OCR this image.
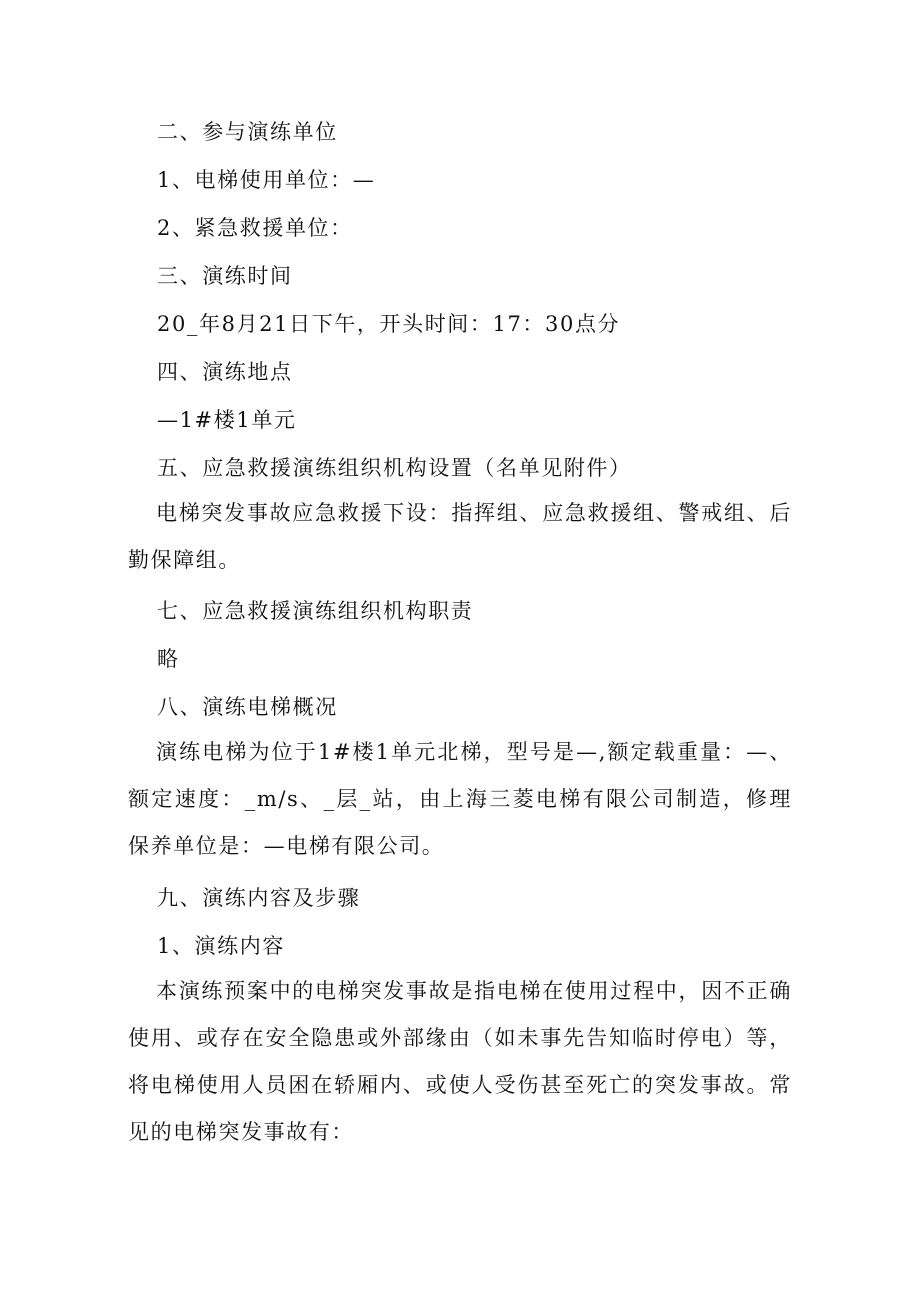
二、参与演练单位
1、电梯使用单位：—
2、紧急救援单位：
三、演练时间
20_年8月21日下午，开头时间：17：30点分
四、演练地点
—1#楼1单元
五、应急救援演练组织机构设置（名单见附件）
电梯突发事故应急救援下设：指挥组、应急救援组、警戒组、后勤保障组。
七、应急救援演练组织机构职责
略
八、演练电梯概况
演练电梯为位于1#楼1单元北梯，型号是—,额定载重量：—、额定速度：_m/s、_层_站，由上海三菱电梯有限公司制造，修理保养单位是：—电梯有限公司。
九、演练内容及步骤
1、演练内容
本演练预案中的电梯突发事故是指电梯在使用过程中，因不正确使用、或存在安全隐患或外部缘由（如未事先告知临时停电）等，将电梯使用人员困在轿厢内、或使人受伤甚至死亡的突发事故。常见的电梯突发事故有：
